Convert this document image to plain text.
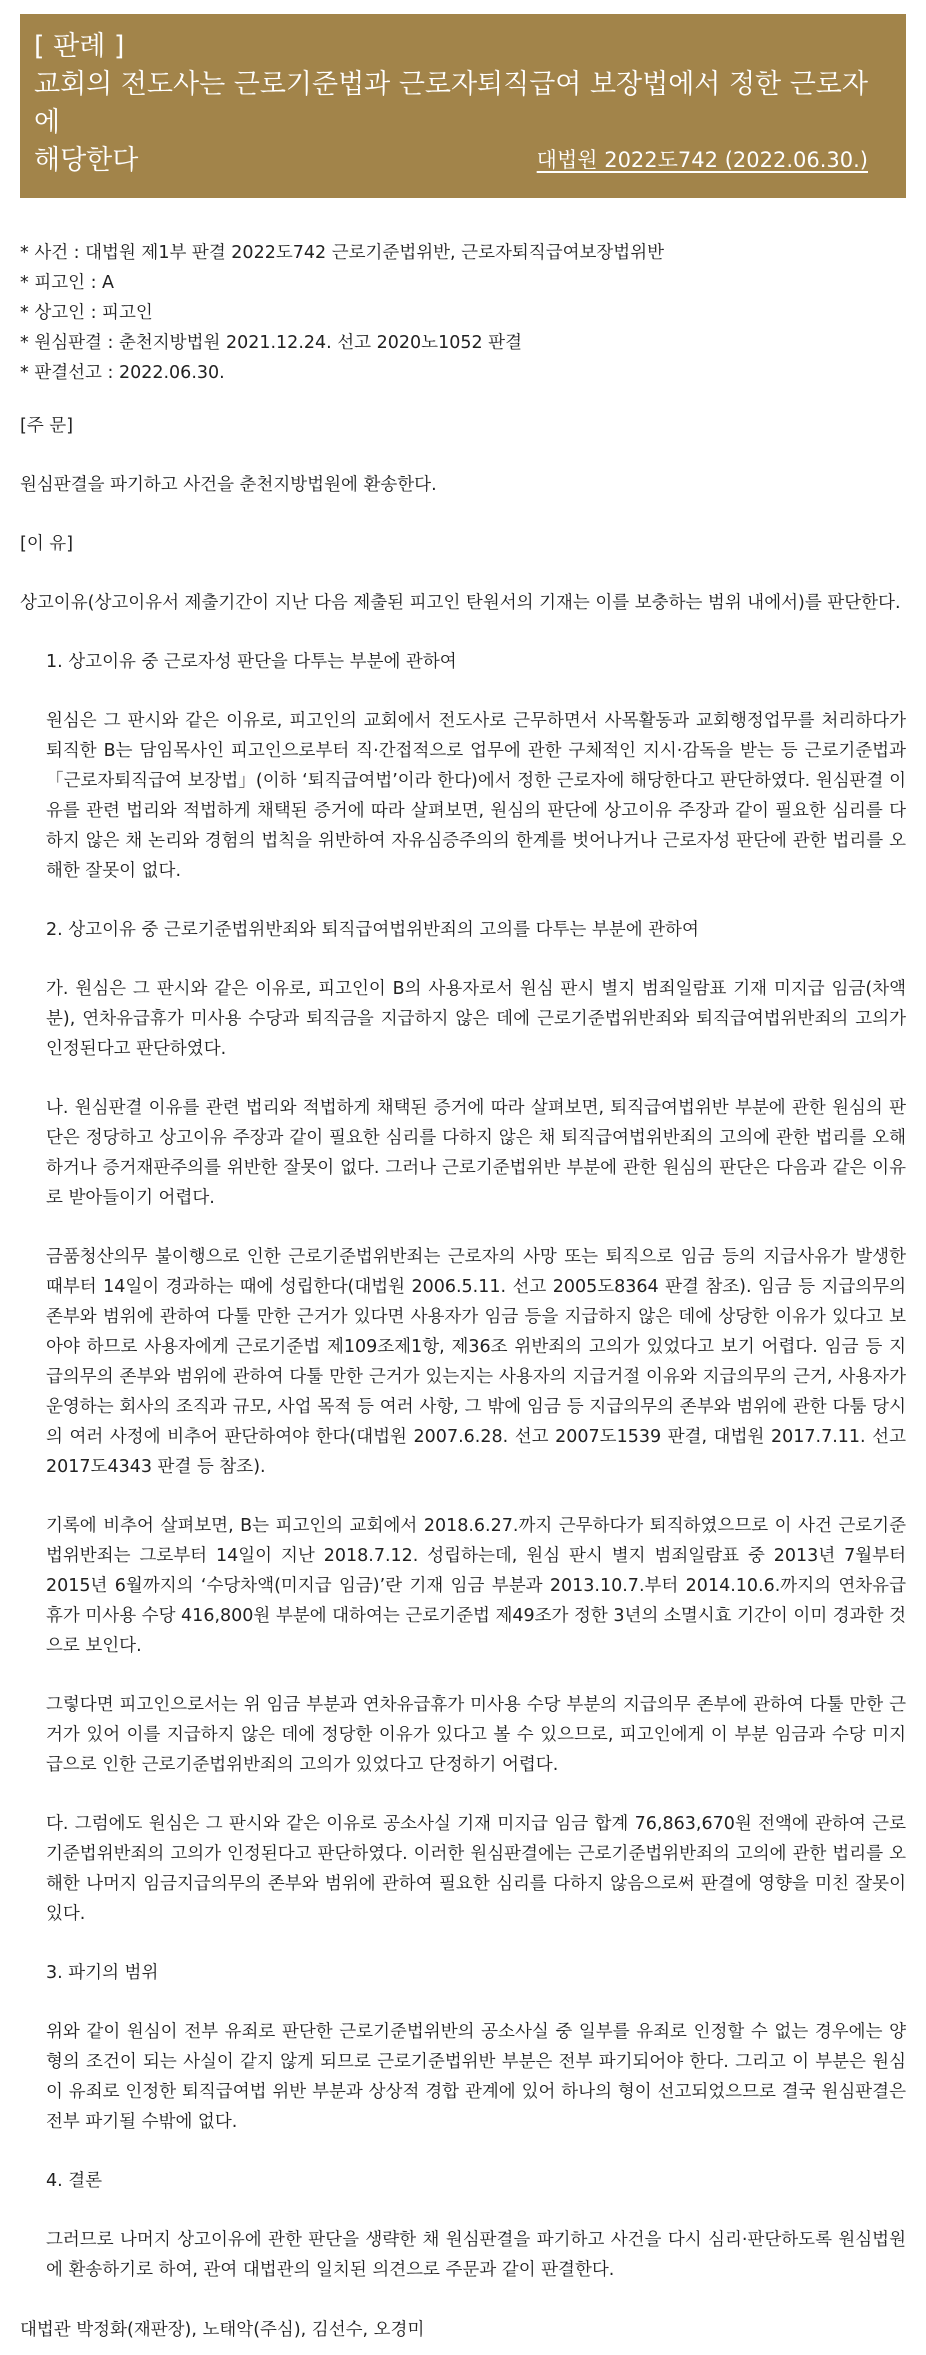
[ 판례 ]
교회의 전도사는 근로기준법과 근로자퇴직급여 보장법에서 정한 근로자에
해당한다	대법원 2022도742 (2022.06.30.)
* 사건 : 대법원 제1부 판결 2022도742 근로기준법위반, 근로자퇴직급여보장법위반
* 피고인 : A
* 상고인 : 피고인
* 원심판결 : 춘천지방법원 2021.12.24. 선고 2020노1052 판결
* 판결선고 : 2022.06.30.

[주 문]

원심판결을 파기하고 사건을 춘천지방법원에 환송한다.

[이 유]

상고이유(상고이유서 제출기간이 지난 다음 제출된 피고인 탄원서의 기재는 이를 보충하는 범위 내에서)를 판단한다.

1. 상고이유 중 근로자성 판단을 다투는 부분에 관하여

원심은 그 판시와 같은 이유로, 피고인의 교회에서 전도사로 근무하면서 사목활동과 교회행정업무를 처리하다가 퇴직한 B는 담임목사인 피고인으로부터 직·간접적으로 업무에 관한 구체적인 지시·감독을 받는 등 근로기준법과 「근로자퇴직급여 보장법」(이하 ‘퇴직급여법’이라 한다)에서 정한 근로자에 해당한다고 판단하였다. 원심판결 이유를 관련 법리와 적법하게 채택된 증거에 따라 살펴보면, 원심의 판단에 상고이유 주장과 같이 필요한 심리를 다하지 않은 채 논리와 경험의 법칙을 위반하여 자유심증주의의 한계를 벗어나거나 근로자성 판단에 관한 법리를 오해한 잘못이 없다.

2. 상고이유 중 근로기준법위반죄와 퇴직급여법위반죄의 고의를 다투는 부분에 관하여

가. 원심은 그 판시와 같은 이유로, 피고인이 B의 사용자로서 원심 판시 별지 범죄일람표 기재 미지급 임금(차액분), 연차유급휴가 미사용 수당과 퇴직금을 지급하지 않은 데에 근로기준법위반죄와 퇴직급여법위반죄의 고의가 인정된다고 판단하였다.

나. 원심판결 이유를 관련 법리와 적법하게 채택된 증거에 따라 살펴보면, 퇴직급여법위반 부분에 관한 원심의 판단은 정당하고 상고이유 주장과 같이 필요한 심리를 다하지 않은 채 퇴직급여법위반죄의 고의에 관한 법리를 오해하거나 증거재판주의를 위반한 잘못이 없다. 그러나 근로기준법위반 부분에 관한 원심의 판단은 다음과 같은 이유로 받아들이기 어렵다.

금품청산의무 불이행으로 인한 근로기준법위반죄는 근로자의 사망 또는 퇴직으로 임금 등의 지급사유가 발생한 때부터 14일이 경과하는 때에 성립한다(대법원 2006.5.11. 선고 2005도8364 판결 참조). 임금 등 지급의무의 존부와 범위에 관하여 다툴 만한 근거가 있다면 사용자가 임금 등을 지급하지 않은 데에 상당한 이유가 있다고 보아야 하므로 사용자에게 근로기준법 제109조제1항, 제36조 위반죄의 고의가 있었다고 보기 어렵다. 임금 등 지급의무의 존부와 범위에 관하여 다툴 만한 근거가 있는지는 사용자의 지급거절 이유와 지급의무의 근거, 사용자가 운영하는 회사의 조직과 규모, 사업 목적 등 여러 사항, 그 밖에 임금 등 지급의무의 존부와 범위에 관한 다툼 당시의 여러 사정에 비추어 판단하여야 한다(대법원 2007.6.28. 선고 2007도1539 판결, 대법원 2017.7.11. 선고 2017도4343 판결 등 참조).

기록에 비추어 살펴보면, B는 피고인의 교회에서 2018.6.27.까지 근무하다가 퇴직하였으므로 이 사건 근로기준법위반죄는 그로부터 14일이 지난 2018.7.12. 성립하는데, 원심 판시 별지 범죄일람표 중 2013년 7월부터 2015년 6월까지의 ‘수당차액(미지급 임금)’란 기재 임금 부분과 2013.10.7.부터 2014.10.6.까지의 연차유급휴가 미사용 수당 416,800원 부분에 대하여는 근로기준법 제49조가 정한 3년의 소멸시효 기간이 이미 경과한 것으로 보인다.

그렇다면 피고인으로서는 위 임금 부분과 연차유급휴가 미사용 수당 부분의 지급의무 존부에 관하여 다툴 만한 근거가 있어 이를 지급하지 않은 데에 정당한 이유가 있다고 볼 수 있으므로, 피고인에게 이 부분 임금과 수당 미지급으로 인한 근로기준법위반죄의 고의가 있었다고 단정하기 어렵다.

다. 그럼에도 원심은 그 판시와 같은 이유로 공소사실 기재 미지급 임금 합계 76,863,670원 전액에 관하여 근로기준법위반죄의 고의가 인정된다고 판단하였다. 이러한 원심판결에는 근로기준법위반죄의 고의에 관한 법리를 오해한 나머지 임금지급의무의 존부와 범위에 관하여 필요한 심리를 다하지 않음으로써 판결에 영향을 미친 잘못이 있다.

3. 파기의 범위

위와 같이 원심이 전부 유죄로 판단한 근로기준법위반의 공소사실 중 일부를 유죄로 인정할 수 없는 경우에는 양형의 조건이 되는 사실이 같지 않게 되므로 근로기준법위반 부분은 전부 파기되어야 한다. 그리고 이 부분은 원심이 유죄로 인정한 퇴직급여법 위반 부분과 상상적 경합 관계에 있어 하나의 형이 선고되었으므로 결국 원심판결은 전부 파기될 수밖에 없다.

4. 결론

그러므로 나머지 상고이유에 관한 판단을 생략한 채 원심판결을 파기하고 사건을 다시 심리·판단하도록 원심법원에 환송하기로 하여, 관여 대법관의 일치된 의견으로 주문과 같이 판결한다.

대법관 박정화(재판장), 노태악(주심), 김선수, 오경미
